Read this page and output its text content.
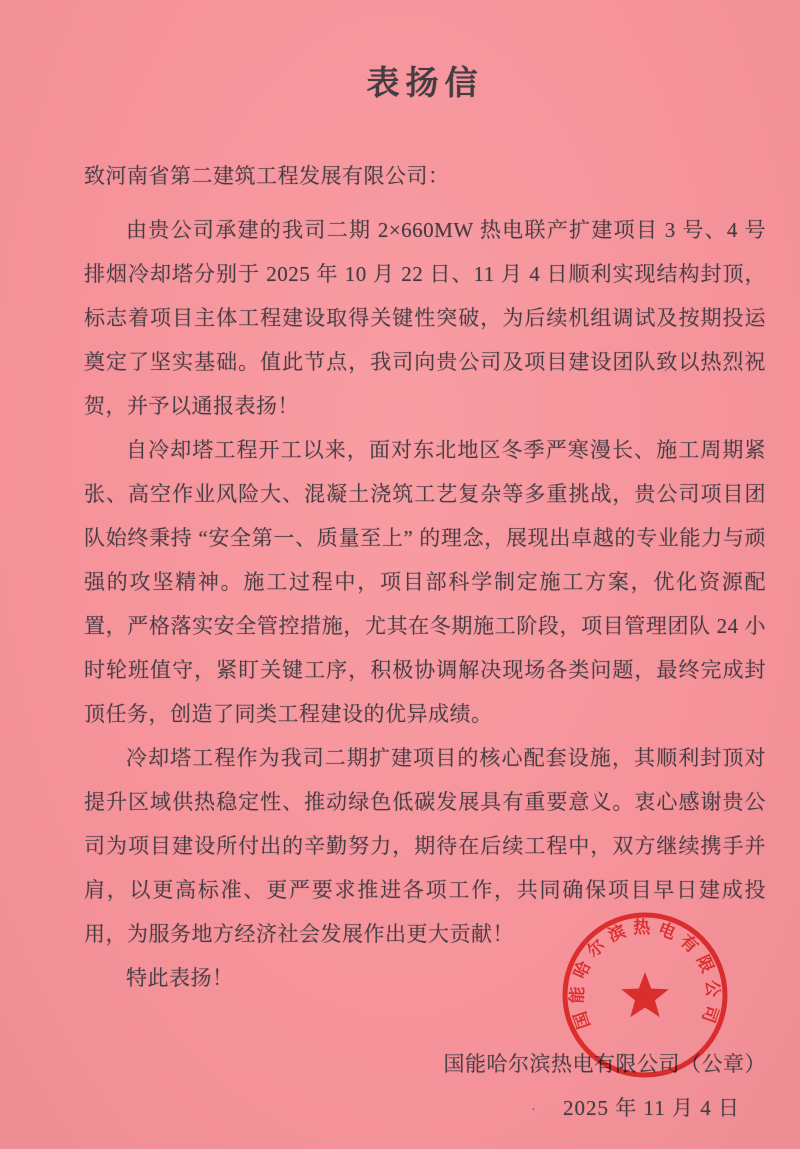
表扬信
致河南省第二建筑工程发展有限公司：

由贵公司承建的我司二期 2×660MW 热电联产扩建项目 3 号、4 号排烟冷却塔分别于 2025 年 10 月 22 日、11 月 4 日顺利实现结构封顶，标志着项目主体工程建设取得关键性突破，为后续机组调试及按期投运奠定了坚实基础。值此节点，我司向贵公司及项目建设团队致以热烈祝贺，并予以通报表扬！

自冷却塔工程开工以来，面对东北地区冬季严寒漫长、施工周期紧张、高空作业风险大、混凝土浇筑工艺复杂等多重挑战，贵公司项目团队始终秉持 “安全第一、质量至上” 的理念，展现出卓越的专业能力与顽强的攻坚精神。施工过程中，项目部科学制定施工方案，优化资源配置，严格落实安全管控措施，尤其在冬期施工阶段，项目管理团队 24 小时轮班值守，紧盯关键工序，积极协调解决现场各类问题，最终完成封顶任务，创造了同类工程建设的优异成绩。

冷却塔工程作为我司二期扩建项目的核心配套设施，其顺利封顶对提升区域供热稳定性、推动绿色低碳发展具有重要意义。衷心感谢贵公司为项目建设所付出的辛勤努力，期待在后续工程中，双方继续携手并肩，以更高标准、更严要求推进各项工作，共同确保项目早日建成投用，为服务地方经济社会发展作出更大贡献！

特此表扬！

国能哈尔滨热电有限公司（公章）
· 2025 年 11 月 4 日
国能哈尔滨热电有限公司
